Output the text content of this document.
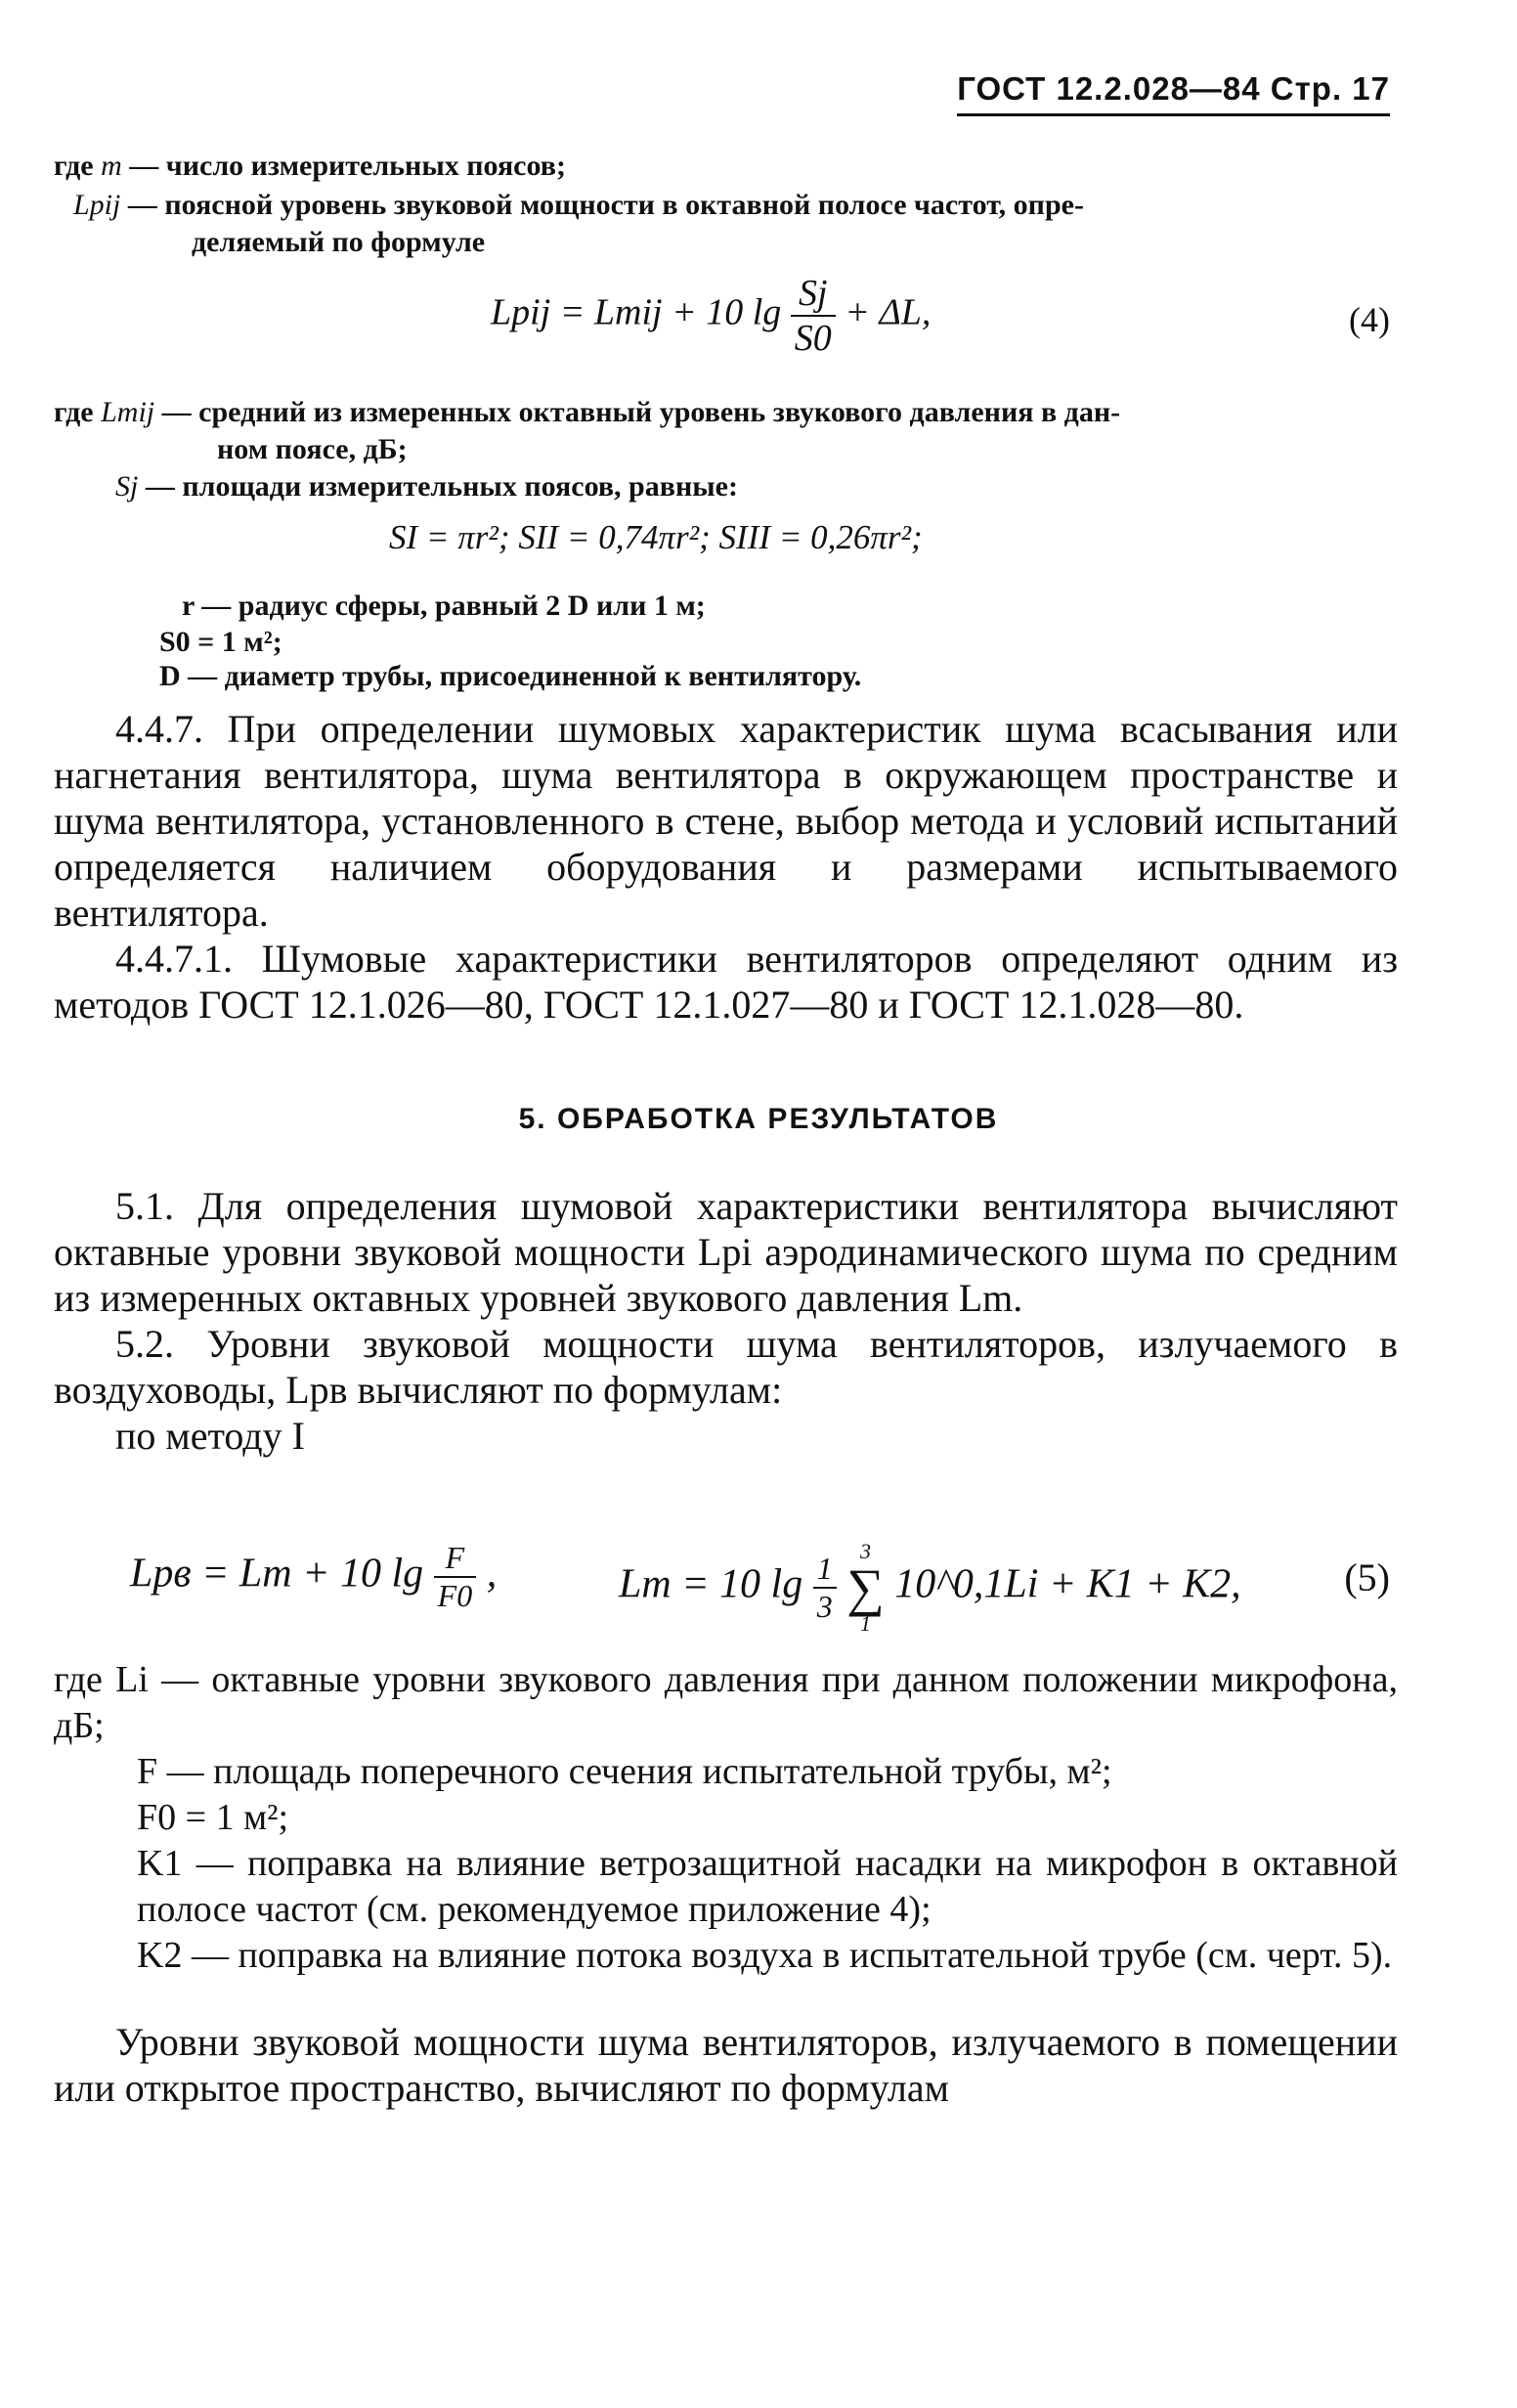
ГОСТ 12.2.028—84 Стр. 17
где m — число измерительных поясов;
Lpij — поясной уровень звуковой мощности в октавной полосе частот, опре-
деляемый по формуле
Lpij = Lmij + 10 $\lg \frac{Sj}{S0} + \Delta L$,	(4)
где Lmij — средний из измеренных октавный уровень звукового давления в дан-
ном поясе, дБ;
Sj — площади измерительных поясов, равные:
SI = πr²; SII = 0,74πr²; SIII = 0,26πr²;
r — радиус сферы, равный 2 D или 1 м;
S0 = 1 м²;
D — диаметр трубы, присоединенной к вентилятору.

4.4.7. При определении шумовых характеристик шума всасывания или нагнетания вентилятора, шума вентилятора в окружающем пространстве и шума вентилятора, установленного в стене, выбор метода и условий испытаний определяется наличием оборудования и размерами испытываемого вентилятора.

4.4.7.1. Шумовые характеристики вентиляторов определяют одним из методов ГОСТ 12.1.026—80, ГОСТ 12.1.027—80 и ГОСТ 12.1.028—80.

5. ОБРАБОТКА РЕЗУЛЬТАТОВ

5.1. Для определения шумовой характеристики вентилятора вычисляют октавные уровни звуковой мощности Lpi аэродинамического шума по средним из измеренных октавных уровней звукового давления Lm.

5.2. Уровни звуковой мощности шума вентиляторов, излучаемого в воздуховоды, Lpв вычисляют по формулам:

по методу I

Lpв = Lm + 10 $\lg \frac{F}{F0}$ ,	Lm = 10 $\lg \frac{1}{3}$
	3
∑
1
10^0,1Li + K1 + K2,	(5)

где Li — октавные уровни звукового давления при данном положении микрофона, дБ;

F — площадь поперечного сечения испытательной трубы, м²;

F0 = 1 м²;

K1 — поправка на влияние ветрозащитной насадки на микрофон в октавной полосе частот (см. рекомендуемое приложение 4);

K2 — поправка на влияние потока воздуха в испытательной трубе (см. черт. 5).

Уровни звуковой мощности шума вентиляторов, излучаемого в помещении или открытое пространство, вычисляют по формулам
